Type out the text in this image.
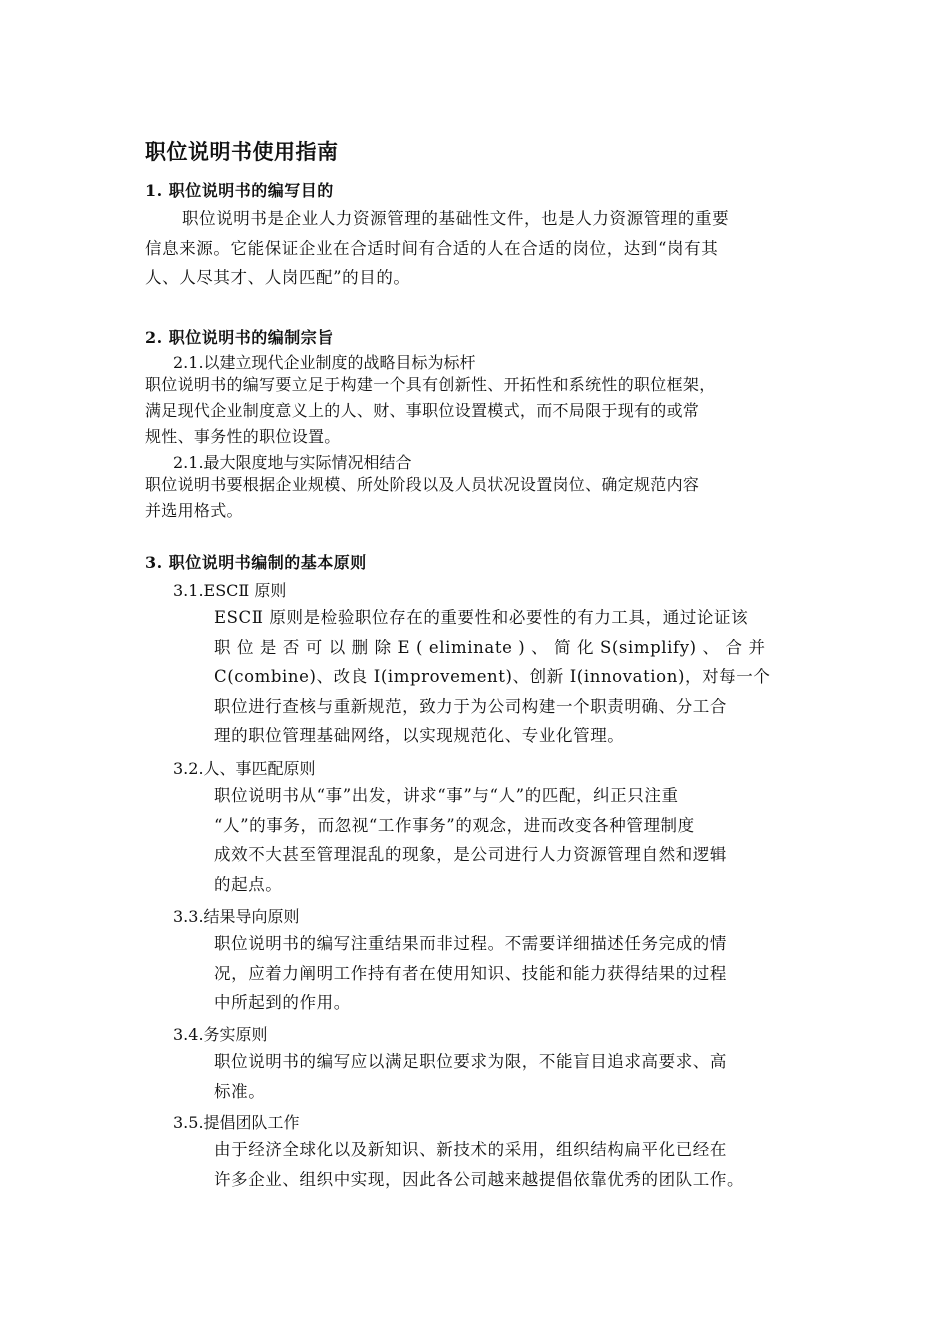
职位说明书使用指南
1. 职位说明书的编写目的
职位说明书是企业人力资源管理的基础性文件，也是人力资源管理的重要
信息来源。它能保证企业在合适时间有合适的人在合适的岗位，达到“岗有其
人、人尽其才、人岗匹配”的目的。
2. 职位说明书的编制宗旨
2.1.以建立现代企业制度的战略目标为标杆
职位说明书的编写要立足于构建一个具有创新性、开拓性和系统性的职位框架，
满足现代企业制度意义上的人、财、事职位设置模式，而不局限于现有的或常
规性、事务性的职位设置。
2.1.最大限度地与实际情况相结合
职位说明书要根据企业规模、所处阶段以及人员状况设置岗位、确定规范内容
并选用格式。
3. 职位说明书编制的基本原则
3.1.ESCⅡ 原则
ESCⅡ 原则是检验职位存在的重要性和必要性的有力工具，通过论证该
职 位 是 否 可 以 删 除 E ( eliminate ) 、 简 化 S(simplify) 、 合 并
C(combine)、改良 I(improvement)、创新 I(innovation)，对每一个
职位进行查核与重新规范，致力于为公司构建一个职责明确、分工合
理的职位管理基础网络，以实现规范化、专业化管理。
3.2.人、事匹配原则
职位说明书从“事”出发，讲求“事”与“人”的匹配，纠正只注重
“人”的事务，而忽视“工作事务”的观念，进而改变各种管理制度
成效不大甚至管理混乱的现象，是公司进行人力资源管理自然和逻辑
的起点。
3.3.结果导向原则
职位说明书的编写注重结果而非过程。不需要详细描述任务完成的情
况，应着力阐明工作持有者在使用知识、技能和能力获得结果的过程
中所起到的作用。
3.4.务实原则
职位说明书的编写应以满足职位要求为限，不能盲目追求高要求、高
标准。
3.5.提倡团队工作
由于经济全球化以及新知识、新技术的采用，组织结构扁平化已经在
许多企业、组织中实现，因此各公司越来越提倡依靠优秀的团队工作。
